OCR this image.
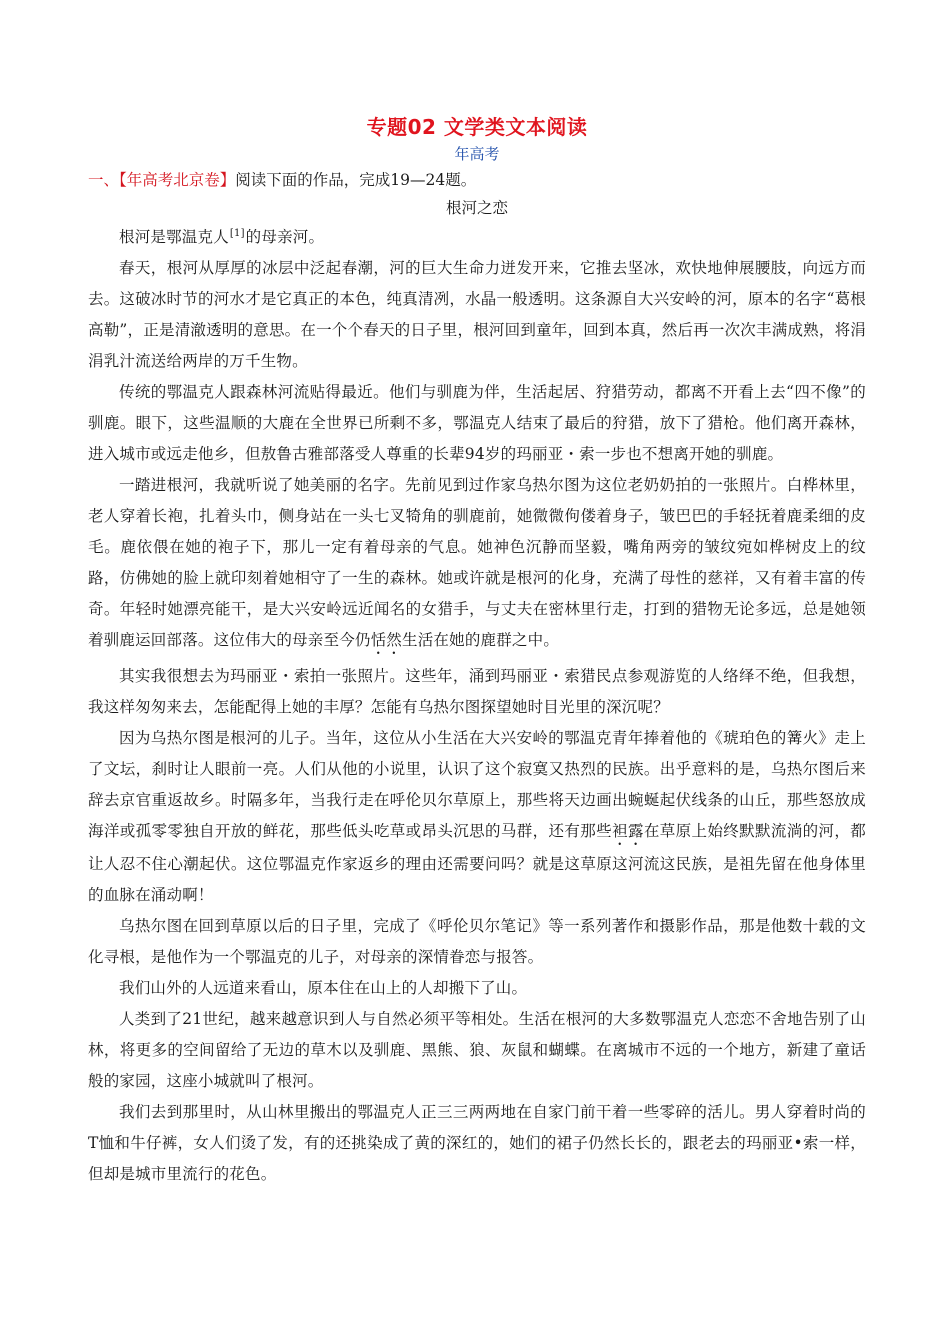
专题02 文学类文本阅读
年高考
一、【年高考北京卷】阅读下面的作品，完成19—24题。
根河之恋

根河是鄂温克人[1]的母亲河。

春天，根河从厚厚的冰层中泛起春潮，河的巨大生命力迸发开来，它推去坚冰，欢快地伸展腰肢，向远方而去。这破冰时节的河水才是它真正的本色，纯真清冽，水晶一般透明。这条源自大兴安岭的河，原本的名字“葛根高勒”，正是清澈透明的意思。在一个个春天的日子里，根河回到童年，回到本真，然后再一次次丰满成熟，将涓涓乳汁流送给两岸的万千生物。

传统的鄂温克人跟森林河流贴得最近。他们与驯鹿为伴，生活起居、狩猎劳动，都离不开看上去“四不像”的驯鹿。眼下，这些温顺的大鹿在全世界已所剩不多，鄂温克人结束了最后的狩猎，放下了猎枪。他们离开森林，进入城市或远走他乡，但敖鲁古雅部落受人尊重的长辈94岁的玛丽亚・索一步也不想离开她的驯鹿。

一踏进根河，我就听说了她美丽的名字。先前见到过作家乌热尔图为这位老奶奶拍的一张照片。白桦林里，老人穿着长袍，扎着头巾，侧身站在一头七叉犄角的驯鹿前，她微微佝偻着身子，皱巴巴的手轻抚着鹿柔细的皮毛。鹿依偎在她的袍子下，那儿一定有着母亲的气息。她神色沉静而坚毅，嘴角两旁的皱纹宛如桦树皮上的纹路，仿佛她的脸上就印刻着她相守了一生的森林。她或许就是根河的化身，充满了母性的慈祥，又有着丰富的传奇。年轻时她漂亮能干，是大兴安岭远近闻名的女猎手，与丈夫在密林里行走，打到的猎物无论多远，总是她领着驯鹿运回部落。这位伟大的母亲至今仍恬然生活在她的鹿群之中。

其实我很想去为玛丽亚・索拍一张照片。这些年，涌到玛丽亚・索猎民点参观游览的人络绎不绝，但我想，我这样匆匆来去，怎能配得上她的丰厚？怎能有乌热尔图探望她时目光里的深沉呢？

因为乌热尔图是根河的儿子。当年，这位从小生活在大兴安岭的鄂温克青年捧着他的《琥珀色的篝火》走上了文坛，刹时让人眼前一亮。人们从他的小说里，认识了这个寂寞又热烈的民族。出乎意料的是，乌热尔图后来辞去京官重返故乡。时隔多年，当我行走在呼伦贝尔草原上，那些将天边画出蜿蜒起伏线条的山丘，那些怒放成海洋或孤零零独自开放的鲜花，那些低头吃草或昂头沉思的马群，还有那些袒露在草原上始终默默流淌的河，都让人忍不住心潮起伏。这位鄂温克作家返乡的理由还需要问吗？就是这草原这河流这民族，是祖先留在他身体里的血脉在涌动啊！

乌热尔图在回到草原以后的日子里，完成了《呼伦贝尔笔记》等一系列著作和摄影作品，那是他数十载的文化寻根，是他作为一个鄂温克的儿子，对母亲的深情眷恋与报答。

我们山外的人远道来看山，原本住在山上的人却搬下了山。

人类到了21世纪，越来越意识到人与自然必须平等相处。生活在根河的大多数鄂温克人恋恋不舍地告别了山林，将更多的空间留给了无边的草木以及驯鹿、黑熊、狼、灰鼠和蝴蝶。在离城市不远的一个地方，新建了童话般的家园，这座小城就叫了根河。

我们去到那里时，从山林里搬出的鄂温克人正三三两两地在自家门前干着一些零碎的活儿。男人穿着时尚的T恤和牛仔裤，女人们烫了发，有的还挑染成了黄的深红的，她们的裙子仍然长长的，跟老去的玛丽亚•索一样，但却是城市里流行的花色。
